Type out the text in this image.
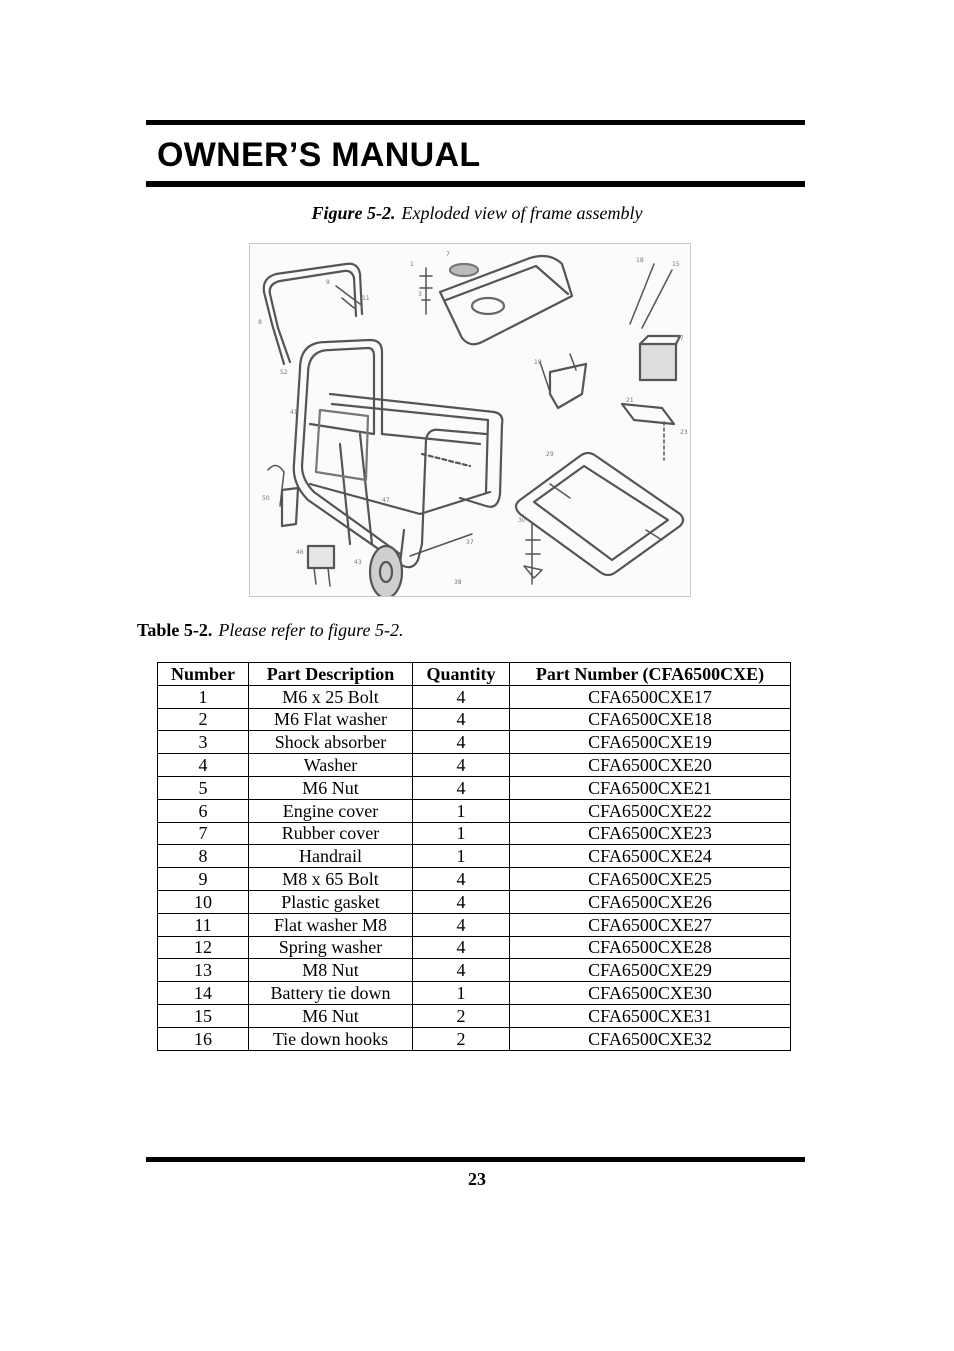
OWNER’S MANUAL
Figure 5-2. Exploded view of frame assembly
7
1
3
9
8
11
19
18
15
17
21
23
29
30
41
52
50
46
43
37
38
47
Table 5-2. Please refer to figure 5-2.
Number	Part Description	Quantity	Part Number (CFA6500CXE)
1	M6 x 25 Bolt	4	CFA6500CXE17
2	M6 Flat washer	4	CFA6500CXE18
3	Shock absorber	4	CFA6500CXE19
4	Washer	4	CFA6500CXE20
5	M6 Nut	4	CFA6500CXE21
6	Engine cover	1	CFA6500CXE22
7	Rubber cover	1	CFA6500CXE23
8	Handrail	1	CFA6500CXE24
9	M8 x 65 Bolt	4	CFA6500CXE25
10	Plastic gasket	4	CFA6500CXE26
11	Flat washer M8	4	CFA6500CXE27
12	Spring washer	4	CFA6500CXE28
13	M8 Nut	4	CFA6500CXE29
14	Battery tie down	1	CFA6500CXE30
15	M6 Nut	2	CFA6500CXE31
16	Tie down hooks	2	CFA6500CXE32
23
